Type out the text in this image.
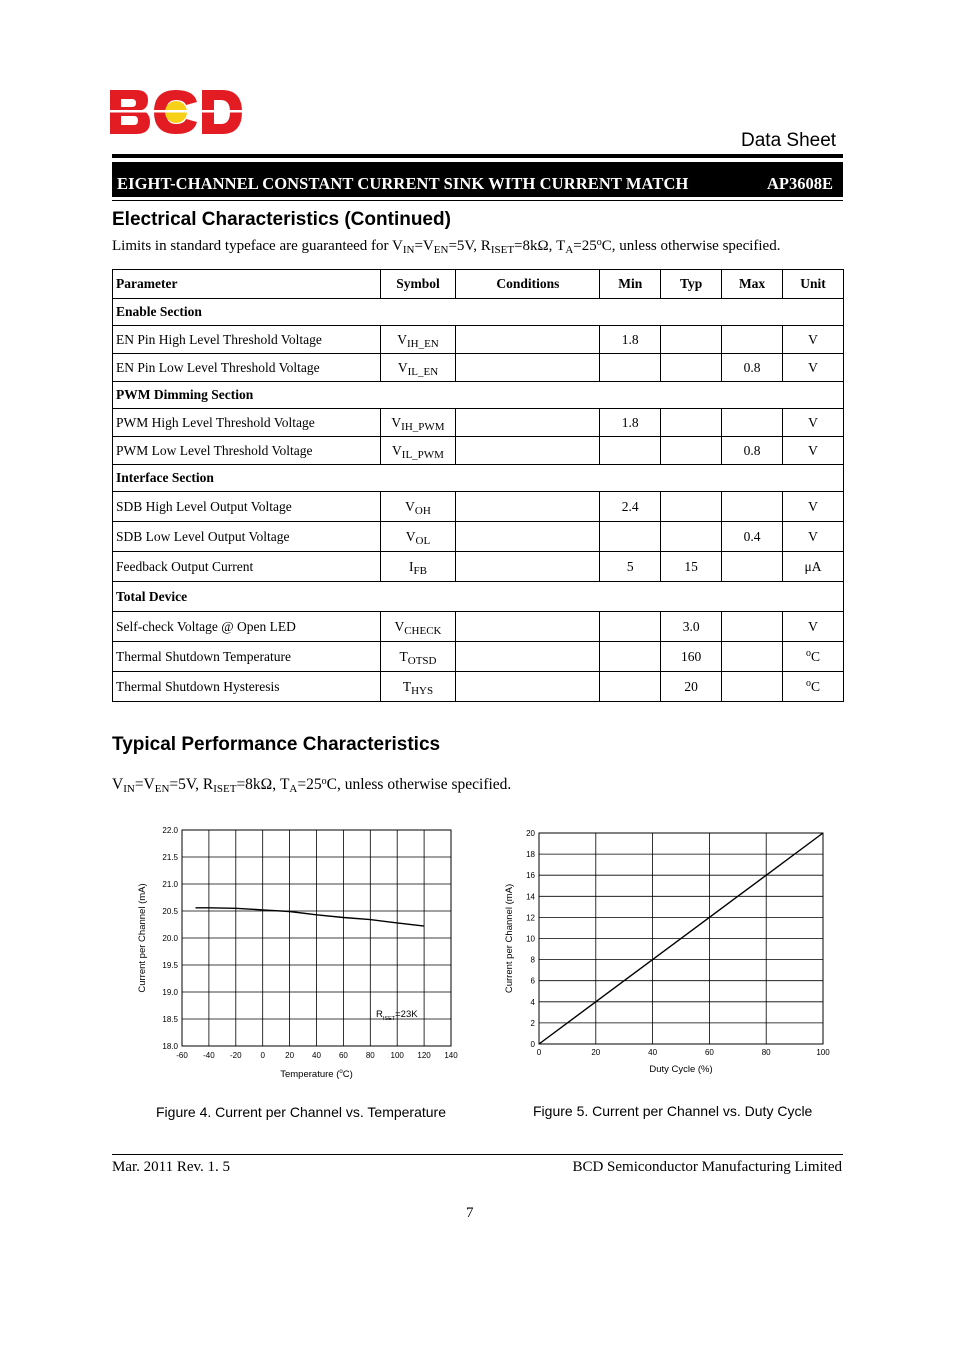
Data Sheet
EIGHT-CHANNEL CONSTANT CURRENT SINK WITH CURRENT MATCH	AP3608E
Electrical Characteristics (Continued)
Limits in standard typeface are guaranteed for $V_{IN}=V_{EN}=5V$, $R_{ISET}=8k\Omega$, $T_A=25^oC$, unless otherwise specified.
Parameter	Symbol	Conditions	Min	Typ	Max	Unit
Enable Section						
EN Pin High Level Threshold Voltage	$V_{IH\_EN}$		1.8			V
EN Pin Low Level Threshold Voltage	$V_{IL\_EN}$				0.8	V
PWM Dimming Section						
PWM High Level Threshold Voltage	$V_{IH\_PWM}$		1.8			V
PWM Low Level Threshold Voltage	$V_{IL\_PWM}$				0.8	V
Interface Section						
SDB High Level Output Voltage	$V_{OH}$		2.4			V
SDB Low Level Output Voltage	$V_{OL}$				0.4	V
Feedback Output Current	$I_{FB}$		5	15		μA
Total Device						
Self-check Voltage @ Open LED	$V_{CHECK}$			3.0		V
Thermal Shutdown Temperature	$T_{OTSD}$			160		$^o$C
Thermal Shutdown Hysteresis	$T_{HYS}$			20		$^o$C
Typical Performance Characteristics
$V_{IN}=V_{EN}=5V$, $R_{ISET}=8k\Omega$, $T_A=25^oC$, unless otherwise specified.
-60 -40 -20 0	20 40 60 80 100 120 140
22.0
21.5
21.0
20.5
20.0
19.5
19.0
18.5
18.0
Current per Channel (mA)
Temperature ($^o$C)
$R_{ISET}=23K$
Figure 4. Current per Channel vs. Temperature
0	20	40	60	80	100
20
18
16
14
12
10
8
6
4
2
0
Current per Channel (mA)
Duty Cycle (%)
Figure 5. Current per Channel vs. Duty Cycle
Mar. 2011 Rev. 1. 5	BCD Semiconductor Manufacturing Limited
7
